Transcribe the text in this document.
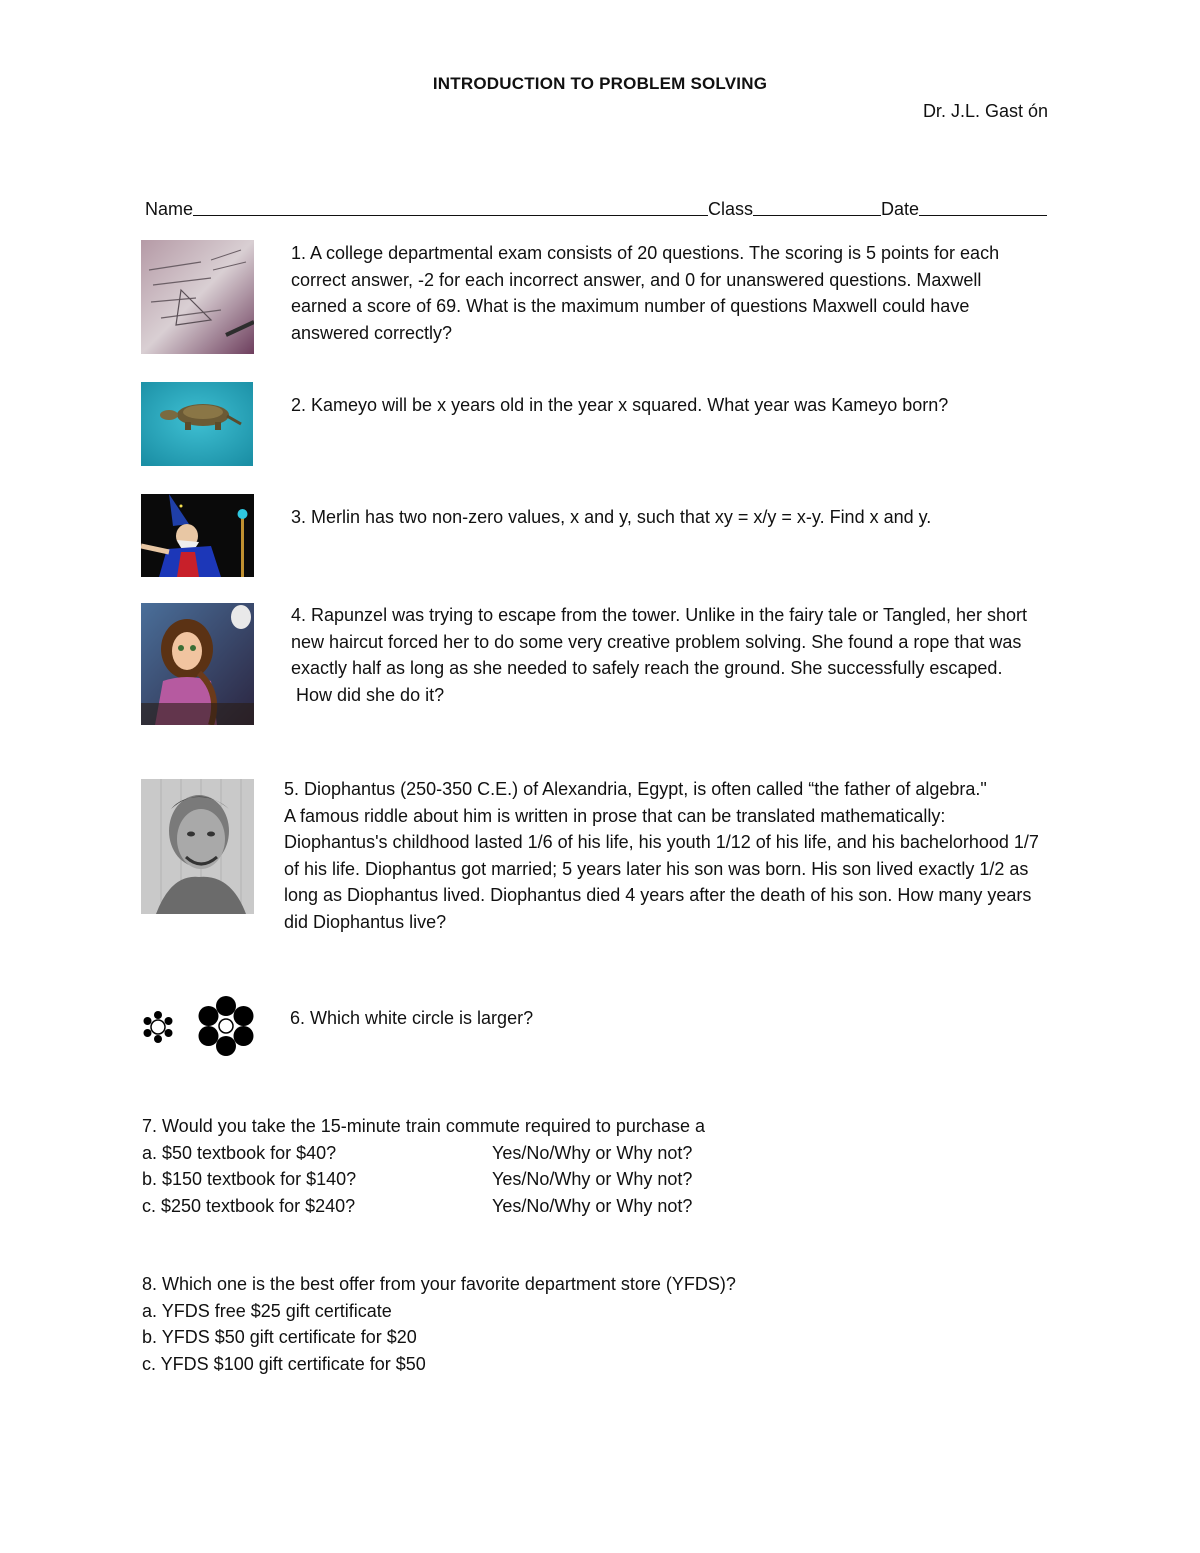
INTRODUCTION TO PROBLEM SOLVING
Dr. J.L. Gast ón
Name	Class	Date

1. A college departmental exam consists of 20 questions. The scoring is 5 points for each

correct answer, -2 for each incorrect answer, and 0 for unanswered questions. Maxwell

earned a score of 69. What is the maximum number of questions Maxwell could have

answered correctly?

2. Kameyo will be x years old in the year x squared. What year was Kameyo born?

3. Merlin has two non-zero values, x and y, such that xy = x/y = x-y. Find x and y.

4. Rapunzel was trying to escape from the tower. Unlike in the fairy tale or Tangled, her short

new haircut forced her to do some very creative problem solving. She found a rope that was

exactly half as long as she needed to safely reach the ground. She successfully escaped.

How did she do it?

5. Diophantus (250-350 C.E.) of Alexandria, Egypt, is often called “the father of algebra."

A famous riddle about him is written in prose that can be translated mathematically:

Diophantus's childhood lasted 1/6 of his life, his youth 1/12 of his life, and his bachelorhood 1/7

of his life. Diophantus got married; 5 years later his son was born. His son lived exactly 1/2 as

long as Diophantus lived. Diophantus died 4 years after the death of his son. How many years

did Diophantus live?

6. Which white circle is larger?

7. Would you take the 15-minute train commute required to purchase a

a. $50 textbook for $40?	Yes/No/Why or Why not?
b. $150 textbook for $140?	Yes/No/Why or Why not?
c. $250 textbook for $240?	Yes/No/Why or Why not?

8. Which one is the best offer from your favorite department store (YFDS)?

a. YFDS free $25 gift certificate

b. YFDS $50 gift certificate for $20

c. YFDS $100 gift certificate for $50
